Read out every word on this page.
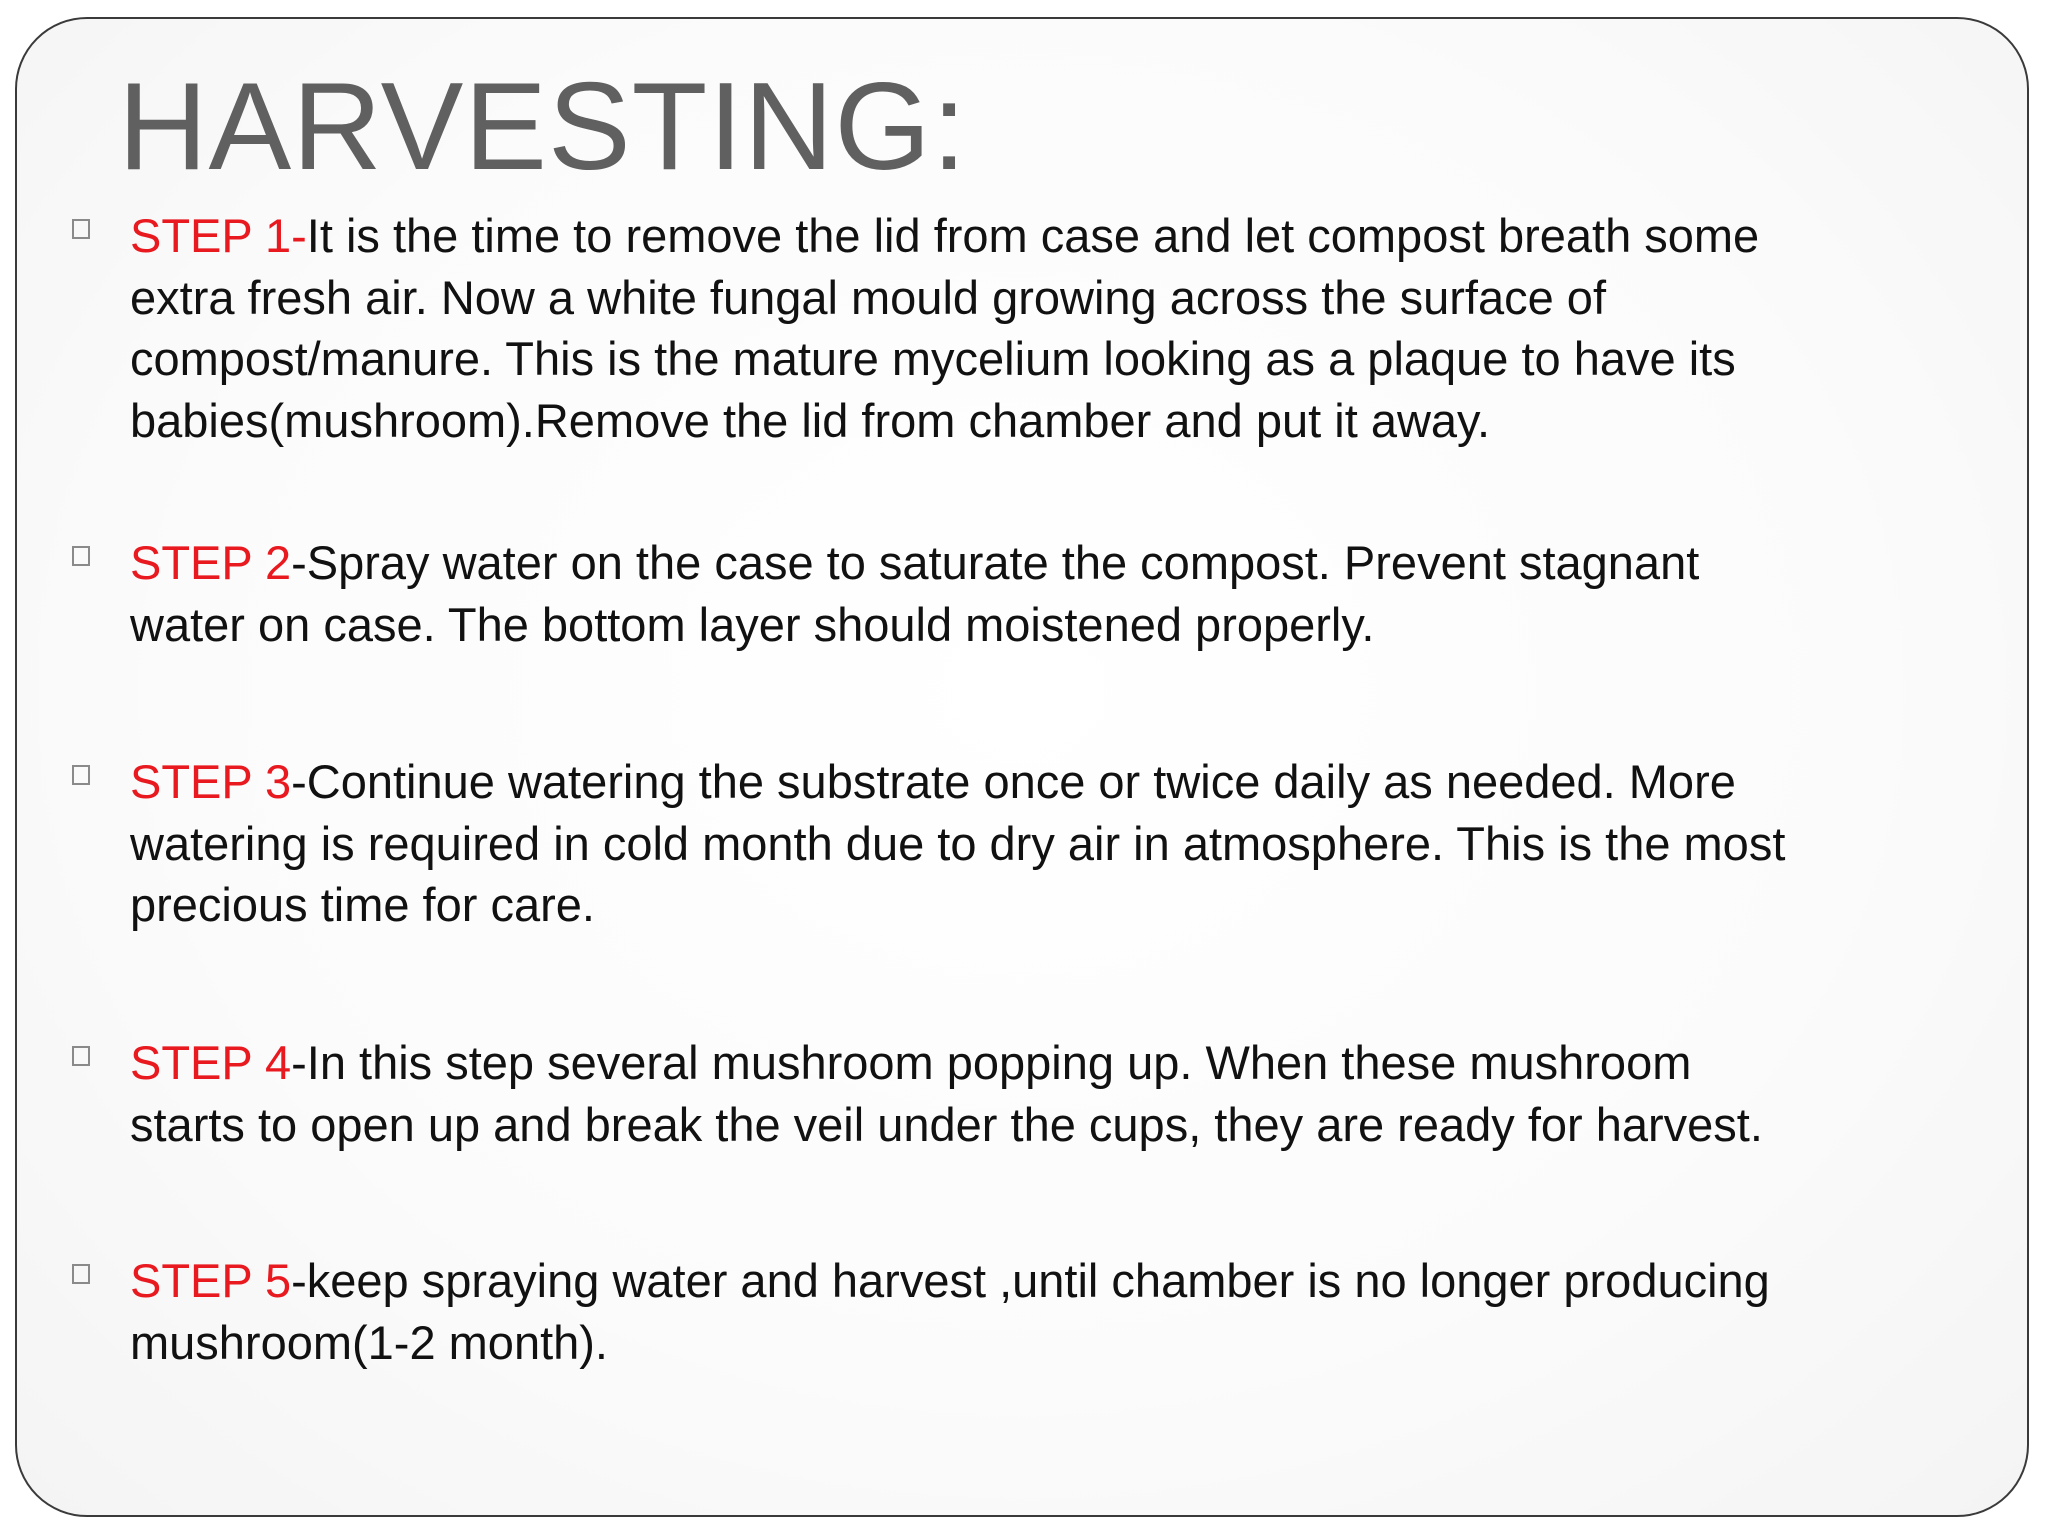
HARVESTING:

STEP 1-It is the time to remove the lid from case and let compost breath some
extra fresh air. Now a white fungal mould growing across the surface of
compost/manure. This is the mature mycelium looking as a plaque to have its
babies(mushroom).Remove the lid from chamber and put it away.

STEP 2-Spray water on the case to saturate the compost. Prevent stagnant
water on case. The bottom layer should moistened properly.

STEP 3-Continue watering the substrate once or twice daily as needed. More
watering is required in cold month due to dry air in atmosphere. This is the most
precious time for care.

STEP 4-In this step several mushroom popping up. When these mushroom
starts to open up and break the veil under the cups, they are ready for harvest.

STEP 5-keep spraying water and harvest ,until chamber is no longer producing
mushroom(1-2 month).
